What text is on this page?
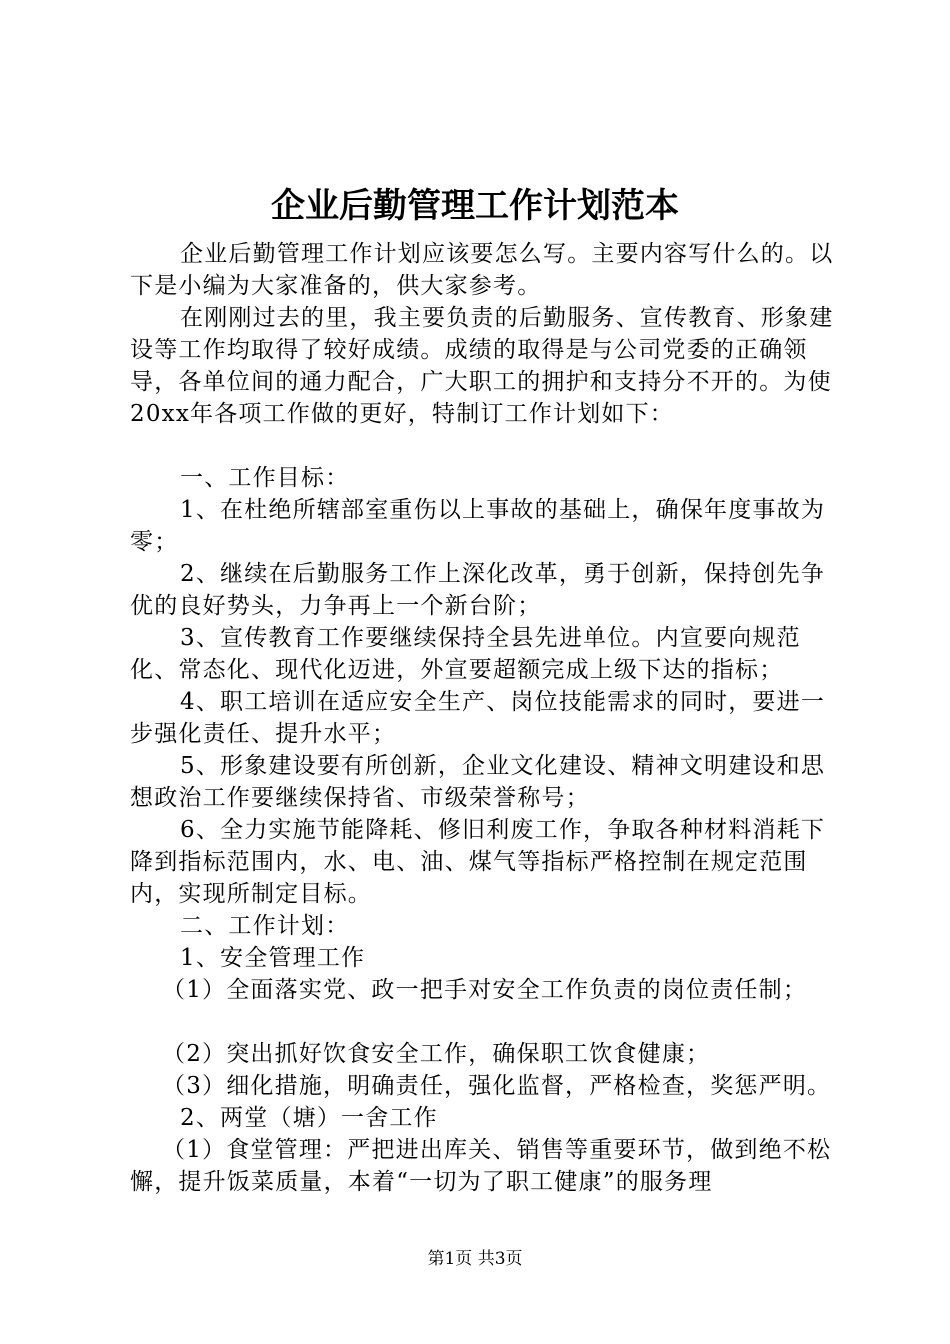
企业后勤管理工作计划范本

企业后勤管理工作计划应该要怎么写。主要内容写什么的。以下是小编为大家准备的，供大家参考。

在刚刚过去的里，我主要负责的后勤服务、宣传教育、形象建设等工作均取得了较好成绩。成绩的取得是与公司党委的正确领导，各单位间的通力配合，广大职工的拥护和支持分不开的。为使20xx年各项工作做的更好，特制订工作计划如下：

一、工作目标：

1、在杜绝所辖部室重伤以上事故的基础上，确保年度事故为零；

2、继续在后勤服务工作上深化改革，勇于创新，保持创先争优的良好势头，力争再上一个新台阶；

3、宣传教育工作要继续保持全县先进单位。内宣要向规范化、常态化、现代化迈进，外宣要超额完成上级下达的指标；

4、职工培训在适应安全生产、岗位技能需求的同时，要进一步强化责任、提升水平；

5、形象建设要有所创新，企业文化建设、精神文明建设和思想政治工作要继续保持省、市级荣誉称号；

6、全力实施节能降耗、修旧利废工作，争取各种材料消耗下降到指标范围内，水、电、油、煤气等指标严格控制在规定范围内，实现所制定目标。

二、工作计划：

1、安全管理工作

（1）全面落实党、政一把手对安全工作负责的岗位责任制；

（2）突出抓好饮食安全工作，确保职工饮食健康；

（3）细化措施，明确责任，强化监督，严格检查，奖惩严明。

2、两堂（塘）一舍工作

（1）食堂管理：严把进出库关、销售等重要环节，做到绝不松懈，提升饭菜质量，本着“一切为了职工健康”的服务理

第1页 共3页
